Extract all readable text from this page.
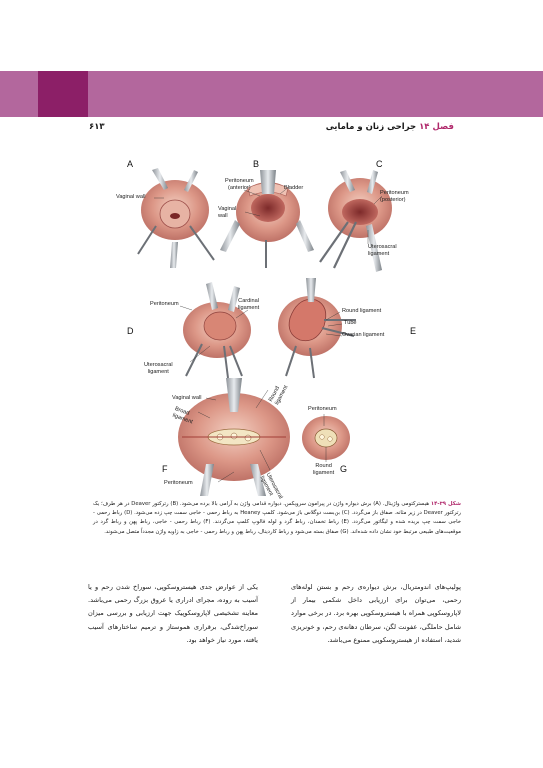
۶۱۳	فصل ۱۴ جراحی زنان و مامایی
A	B	C
D	E
F	G
Vaginal wall
Peritoneum
(anterior)	Bladder
Vaginal
wall
Peritoneum
(posterior)
Uterosacral
ligament
Peritoneum	Cardinal
ligament
Uterosacral
ligament
Round ligament
Tube
Ovarian ligament
Vaginal wall
Broad
ligament
Round
ligament
Peritoneum	Uterosacral
ligament
Peritoneum
Round
ligament
شکل ۳۹-۱۴ هیسترکتومی واژینال. (A) برش دیواره واژن در پیرامون سرویکس. دیواره قدامی واژن به آرامی بالا برده می‌شود. (B) رترکتور Deaver در هر طرف؛ یک رترکتور Deaver در زیر مثانه. صفاق باز می‌گردد. (C) بن‌بست دوگلاس باز می‌شود. کلمپ Heaney به رباط رحمی - خاجی سمت چپ زده می‌شود. (D) رباط رحمی - خاجی سمت چپ بریده شده و لیگاتور می‌گردد. (E) رباط تخمدان، رباط گرد و لوله فالوپ کلمپ می‌گردند. (F) رباط رحمی - خاجی، رباط پهن و رباط گرد در موقعیت‌های طبیعی مرتبط خود نشان داده شده‌اند. (G) صفاق بسته می‌شود و رباط کاردینال، رباط پهن و رباط رحمی - خاجی به زاویه واژن مجدداً متصل می‌شوند.
پولیپ‌های اندومتریال، برش دیواره‌ی رحم و بستن لوله‌های رحمی، می‌توان برای ارزیابی داخل شکمی بیمار از لاپاروسکوپی همراه با هیستروسکوپی بهره برد. در برخی موارد شامل حاملگی، عفونت لگن، سرطان دهانه‌ی رحم، و خونریزی شدید، استفاده از هیستروسکوپی ممنوع می‌باشد.
یکی از عوارض جدی هیستروسکوپی، سوراخ شدن رحم و یا آسیب به روده، مجرای ادراری یا عروق بزرگ رحمی می‌باشد. معاینه تشخیصی لاپاروسکوپیک جهت ارزیابی و بررسی میزان سوراخ‌شدگی، برقراری هموستاز و ترمیم ساختارهای آسیب یافته، مورد نیاز خواهد بود.
